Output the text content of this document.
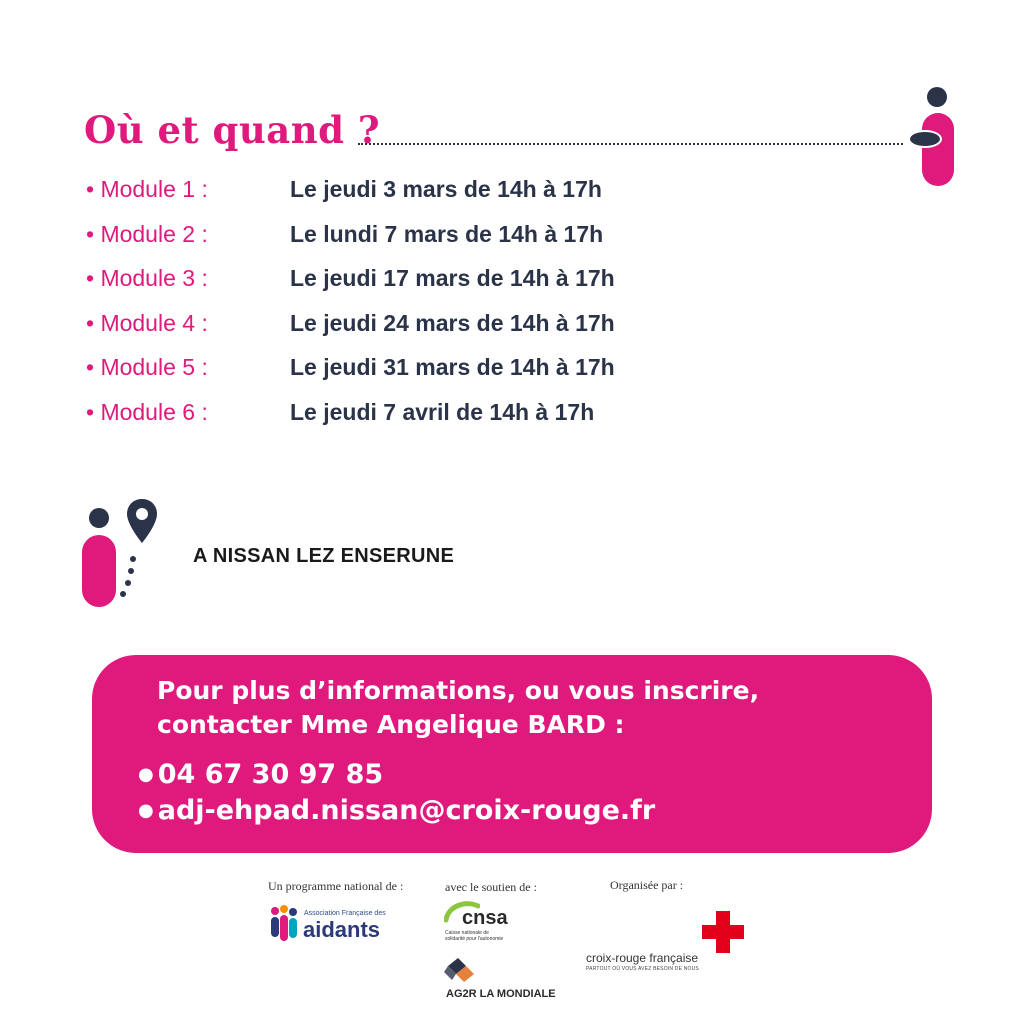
Où et quand ?
• Module 1 :	Le jeudi 3 mars de 14h à 17h
• Module 2 :	Le lundi 7 mars de 14h à 17h
• Module 3 :	Le jeudi 17 mars de 14h à 17h
• Module 4 :	Le jeudi 24 mars de 14h à 17h
• Module 5 :	Le jeudi 31 mars de 14h à 17h
• Module 6 :	Le jeudi 7 avril de 14h à 17h
A NISSAN LEZ ENSERUNE
Pour plus d’informations, ou vous inscrire,
contacter Mme Angelique BARD :
● 04 67 30 97 85
● adj-ehpad.nissan@croix-rouge.fr
Un programme national de :	avec le soutien de :	Organisée par :
Association Française des
aidants	cnsa
Caisse nationale de
solidarité pour l'autonomie
AG2R LA MONDIALE
croix-rouge française
PARTOUT OÙ VOUS AVEZ BESOIN DE NOUS
